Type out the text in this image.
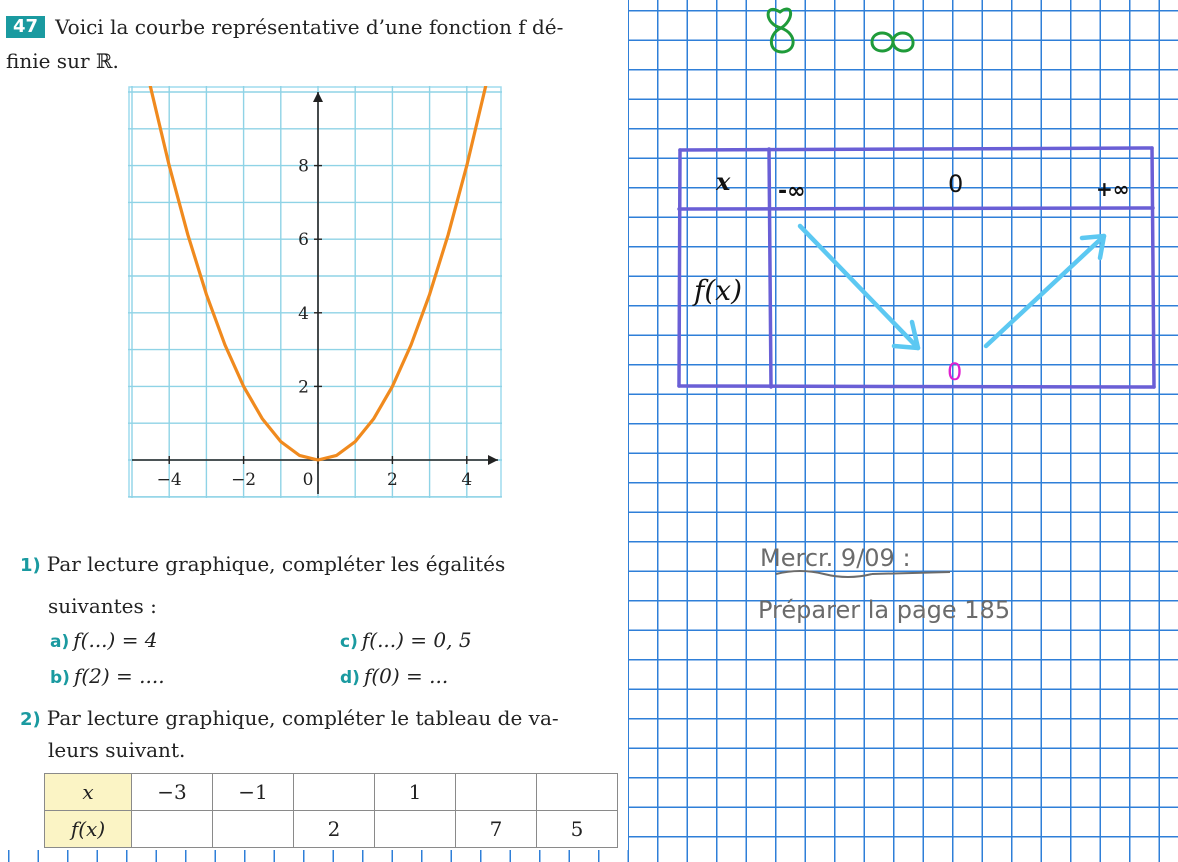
47 Voici la courbe représentative d’une fonction f dé-
finie sur ℝ.
−4	−2	0	2	4
2
4
6
8
1) Par lecture graphique, compléter les égalités
suivantes :
a) f(...) = 4	c) f(...) = 0, 5
b) f(2) = ....	d) f(0) = ...
2) Par lecture graphique, compléter le tableau de va-
leurs suivant.
x	−3	−1		1		
f(x)			2		7	5
x -∞	0	+∞
f(x)
0
Mercr. 9/09 :
Préparer la page 185
